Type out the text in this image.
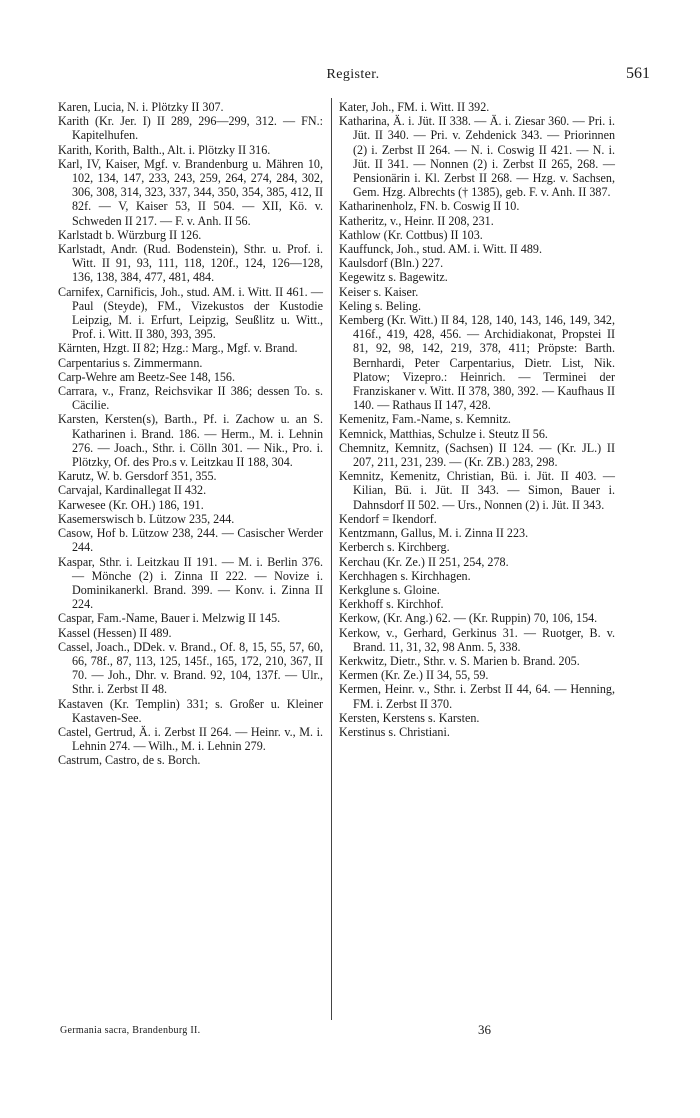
Register.	561

Karen, Lucia, N. i. Plötzky II 307.

Karith (Kr. Jer. I) II 289, 296—299, 312. — FN.: Kapitelhufen.

Karith, Korith, Balth., Alt. i. Plötzky II 316.

Karl, IV, Kaiser, Mgf. v. Brandenburg u. Mähren 10, 102, 134, 147, 233, 243, 259, 264, 274, 284, 302, 306, 308, 314, 323, 337, 344, 350, 354, 385, 412, II 82f. — V, Kaiser 53, II 504. — XII, Kö. v. Schweden II 217. — F. v. Anh. II 56.

Karlstadt b. Würzburg II 126.

Karlstadt, Andr. (Rud. Bodenstein), Sthr. u. Prof. i. Witt. II 91, 93, 111, 118, 120f., 124, 126—128, 136, 138, 384, 477, 481, 484.

Carnifex, Carnificis, Joh., stud. AM. i. Witt. II 461. — Paul (Steyde), FM., Vizekustos der Kustodie Leipzig, M. i. Erfurt, Leipzig, Seußlitz u. Witt., Prof. i. Witt. II 380, 393, 395.

Kärnten, Hzgt. II 82; Hzg.: Marg., Mgf. v. Brand.

Carpentarius s. Zimmermann.

Carp-Wehre am Beetz-See 148, 156.

Carrara, v., Franz, Reichsvikar II 386; dessen To. s. Cäcilie.

Karsten, Kersten(s), Barth., Pf. i. Zachow u. an S. Katharinen i. Brand. 186. — Herm., M. i. Lehnin 276. — Joach., Sthr. i. Cölln 301. — Nik., Pro. i. Plötzky, Of. des Pro.s v. Leitzkau II 188, 304.

Karutz, W. b. Gersdorf 351, 355.

Carvajal, Kardinallegat II 432.

Karwesee (Kr. OH.) 186, 191.

Kasemerswisch b. Lützow 235, 244.

Casow, Hof b. Lützow 238, 244. — Casischer Werder 244.

Kaspar, Sthr. i. Leitzkau II 191. — M. i. Berlin 376. — Mönche (2) i. Zinna II 222. — Novize i. Dominikanerkl. Brand. 399. — Konv. i. Zinna II 224.

Caspar, Fam.-Name, Bauer i. Melzwig II 145.

Kassel (Hessen) II 489.

Cassel, Joach., DDek. v. Brand., Of. 8, 15, 55, 57, 60, 66, 78f., 87, 113, 125, 145f., 165, 172, 210, 367, II 70. — Joh., Dhr. v. Brand. 92, 104, 137f. — Ulr., Sthr. i. Zerbst II 48.

Kastaven (Kr. Templin) 331; s. Großer u. Kleiner Kastaven-See.

Castel, Gertrud, Ä. i. Zerbst II 264. — Heinr. v., M. i. Lehnin 274. — Wilh., M. i. Lehnin 279.

Castrum, Castro, de s. Borch.

Kater, Joh., FM. i. Witt. II 392.

Katharina, Ä. i. Jüt. II 338. — Ä. i. Ziesar 360. — Pri. i. Jüt. II 340. — Pri. v. Zehdenick 343. — Priorinnen (2) i. Zerbst II 264. — N. i. Coswig II 421. — N. i. Jüt. II 341. — Nonnen (2) i. Zerbst II 265, 268. — Pensionärin i. Kl. Zerbst II 268. — Hzg. v. Sachsen, Gem. Hzg. Albrechts († 1385), geb. F. v. Anh. II 387.

Katharinenholz, FN. b. Coswig II 10.

Katheritz, v., Heinr. II 208, 231.

Kathlow (Kr. Cottbus) II 103.

Kauffunck, Joh., stud. AM. i. Witt. II 489.

Kaulsdorf (Bln.) 227.

Kegewitz s. Bagewitz.

Keiser s. Kaiser.

Keling s. Beling.

Kemberg (Kr. Witt.) II 84, 128, 140, 143, 146, 149, 342, 416f., 419, 428, 456. — Archidiakonat, Propstei II 81, 92, 98, 142, 219, 378, 411; Pröpste: Barth. Bernhardi, Peter Carpentarius, Dietr. List, Nik. Platow; Vizepro.: Heinrich. — Terminei der Franziskaner v. Witt. II 378, 380, 392. — Kaufhaus II 140. — Rathaus II 147, 428.

Kemenitz, Fam.-Name, s. Kemnitz.

Kemnick, Matthias, Schulze i. Steutz II 56.

Chemnitz, Kemnitz, (Sachsen) II 124. — (Kr. JL.) II 207, 211, 231, 239. — (Kr. ZB.) 283, 298.

Kemnitz, Kemenitz, Christian, Bü. i. Jüt. II 403. — Kilian, Bü. i. Jüt. II 343. — Simon, Bauer i. Dahnsdorf II 502. — Urs., Nonnen (2) i. Jüt. II 343.

Kendorf = Ikendorf.

Kentzmann, Gallus, M. i. Zinna II 223.

Kerberch s. Kirchberg.

Kerchau (Kr. Ze.) II 251, 254, 278.

Kerchhagen s. Kirchhagen.

Kerkglune s. Gloine.

Kerkhoff s. Kirchhof.

Kerkow, (Kr. Ang.) 62. — (Kr. Ruppin) 70, 106, 154.

Kerkow, v., Gerhard, Gerkinus 31. — Ruotger, B. v. Brand. 11, 31, 32, 98 Anm. 5, 338.

Kerkwitz, Dietr., Sthr. v. S. Marien b. Brand. 205.

Kermen (Kr. Ze.) II 34, 55, 59.

Kermen, Heinr. v., Sthr. i. Zerbst II 44, 64. — Henning, FM. i. Zerbst II 370.

Kersten, Kerstens s. Karsten.

Kerstinus s. Christiani.

Germania sacra, Brandenburg II.	36
